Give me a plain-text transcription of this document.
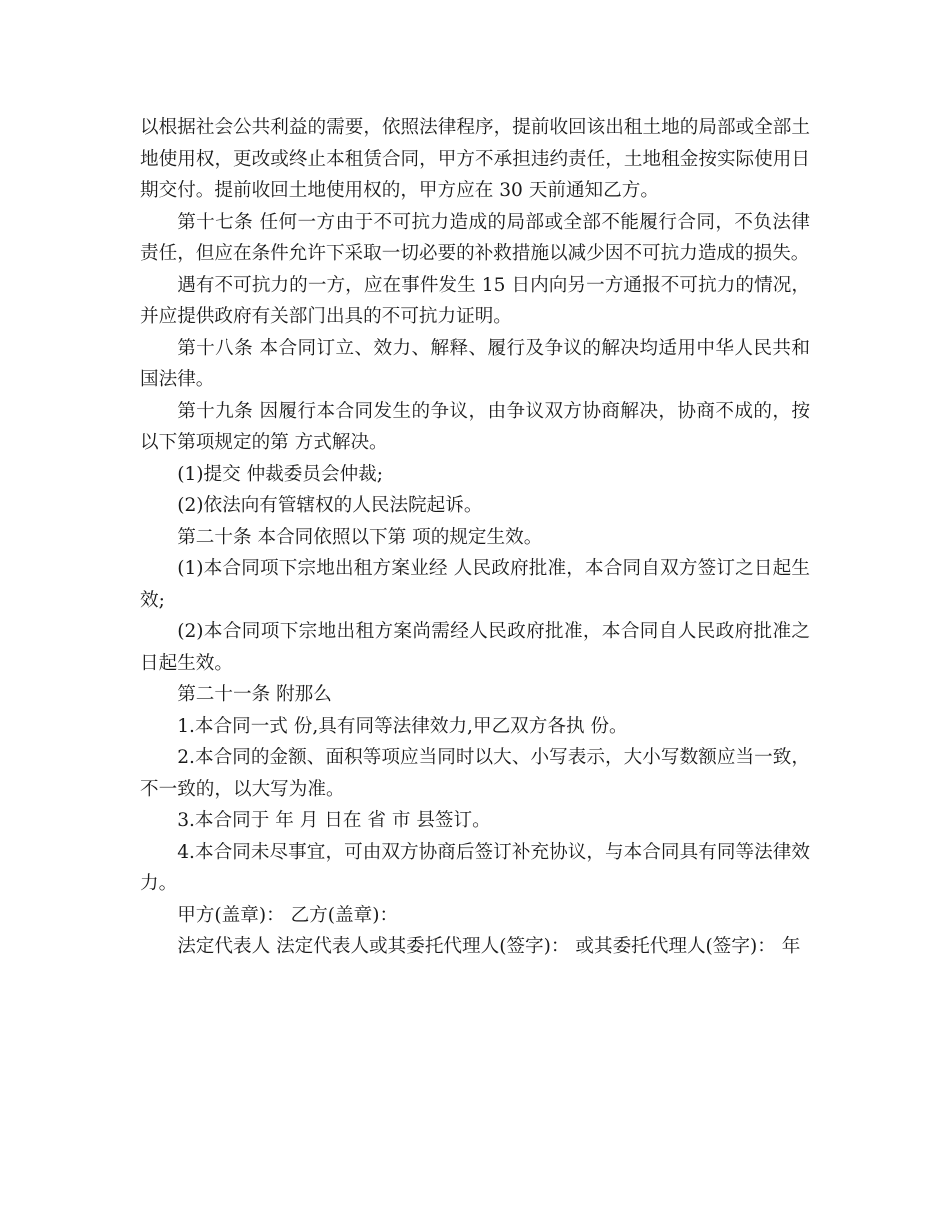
以根据社会公共利益的需要，依照法律程序，提前收回该出租土地的局部或全部土地使用权，更改或终止本租赁合同，甲方不承担违约责任，土地租金按实际使用日期交付。提前收回土地使用权的，甲方应在 30 天前通知乙方。

第十七条 任何一方由于不可抗力造成的局部或全部不能履行合同，不负法律责任，但应在条件允许下采取一切必要的补救措施以减少因不可抗力造成的损失。

遇有不可抗力的一方，应在事件发生 15 日内向另一方通报不可抗力的情况，并应提供政府有关部门出具的不可抗力证明。

第十八条 本合同订立、效力、解释、履行及争议的解决均适用中华人民共和国法律。

第十九条 因履行本合同发生的争议，由争议双方协商解决，协商不成的，按以下第项规定的第 方式解决。

(1)提交 仲裁委员会仲裁;

(2)依法向有管辖权的人民法院起诉。

第二十条 本合同依照以下第 项的规定生效。

(1)本合同项下宗地出租方案业经 人民政府批准，本合同自双方签订之日起生效;

(2)本合同项下宗地出租方案尚需经人民政府批准，本合同自人民政府批准之日起生效。

第二十一条 附那么

1.本合同一式 份,具有同等法律效力,甲乙双方各执 份。

2.本合同的金额、面积等项应当同时以大、小写表示，大小写数额应当一致，不一致的，以大写为准。

3.本合同于 年 月 日在 省 市 县签订。

4.本合同未尽事宜，可由双方协商后签订补充协议，与本合同具有同等法律效力。

甲方(盖章)： 乙方(盖章)：

法定代表人 法定代表人或其委托代理人(签字)： 或其委托代理人(签字)： 年
